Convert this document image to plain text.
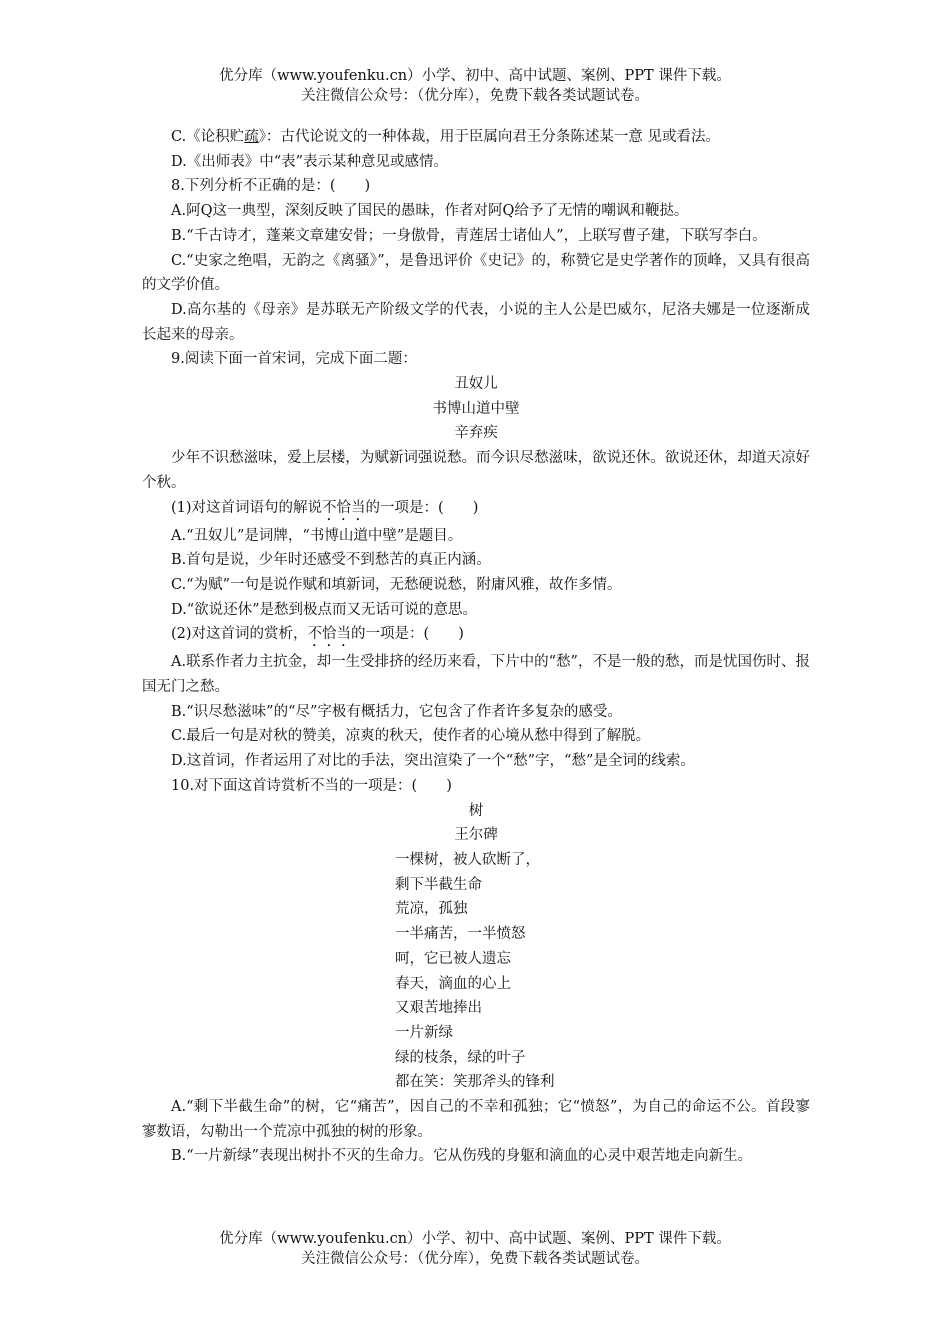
优分库（www.youfenku.cn）小学、初中、高中试题、案例、PPT 课件下载。
关注微信公众号：（优分库），免费下载各类试题试卷。

C.《论积贮疏》：古代论说文的一种体裁，用于臣属向君王分条陈述某一意 见或看法。

D.《出师表》中“表”表示某种意见或感情。

8.下列分析不正确的是：(　　)

A.阿Q这一典型，深刻反映了国民的愚昧，作者对阿Q给予了无情的嘲讽和鞭挞。

B.“千古诗才，蓬莱文章建安骨；一身傲骨，青莲居士诸仙人”，上联写曹子建，下联写李白。

C.“史家之绝唱，无韵之《离骚》”，是鲁迅评价《史记》的，称赞它是史学著作的顶峰，又具有很高的文学价值。

D.高尔基的《母亲》是苏联无产阶级文学的代表，小说的主人公是巴威尔，尼洛夫娜是一位逐渐成长起来的母亲。

9.阅读下面一首宋词，完成下面二题：

丑奴儿

书博山道中壁

辛弃疾

少年不识愁滋味，爱上层楼，为赋新词强说愁。而今识尽愁滋味，欲说还休。欲说还休，却道天凉好个秋。

(1)对这首词语句的解说不恰当的一项是：(　　)

A.“丑奴儿”是词牌，“书博山道中壁”是题目。

B.首句是说，少年时还感受不到愁苦的真正内涵。

C.“为赋”一句是说作赋和填新词，无愁硬说愁，附庸风雅，故作多情。

D.“欲说还休”是愁到极点而又无话可说的意思。

(2)对这首词的赏析，不恰当的一项是：(　　)

A.联系作者力主抗金，却一生受排挤的经历来看，下片中的“愁”，不是一般的愁，而是忧国伤时、报国无门之愁。

B.“识尽愁滋味”的“尽”字极有概括力，它包含了作者许多复杂的感受。

C.最后一句是对秋的赞美，凉爽的秋天，使作者的心境从愁中得到了解脱。

D.这首词，作者运用了对比的手法，突出渲染了一个“愁”字，“愁”是全词的线索。

10.对下面这首诗赏析不当的一项是：(　　)

树

王尔碑

一棵树，被人砍断了，
剩下半截生命
荒凉，孤独
一半痛苦，一半愤怒
呵，它已被人遗忘
春天，滴血的心上
又艰苦地捧出
一片新绿
绿的枝条，绿的叶子
都在笑：笑那斧头的锋利

A.“剩下半截生命”的树，它“痛苦”，因自己的不幸和孤独；它“愤怒”，为自己的命运不公。首段寥寥数语，勾勒出一个荒凉中孤独的树的形象。

B.“一片新绿”表现出树扑不灭的生命力。它从伤残的身躯和滴血的心灵中艰苦地走向新生。

优分库（www.youfenku.cn）小学、初中、高中试题、案例、PPT 课件下载。
关注微信公众号：（优分库），免费下载各类试题试卷。
